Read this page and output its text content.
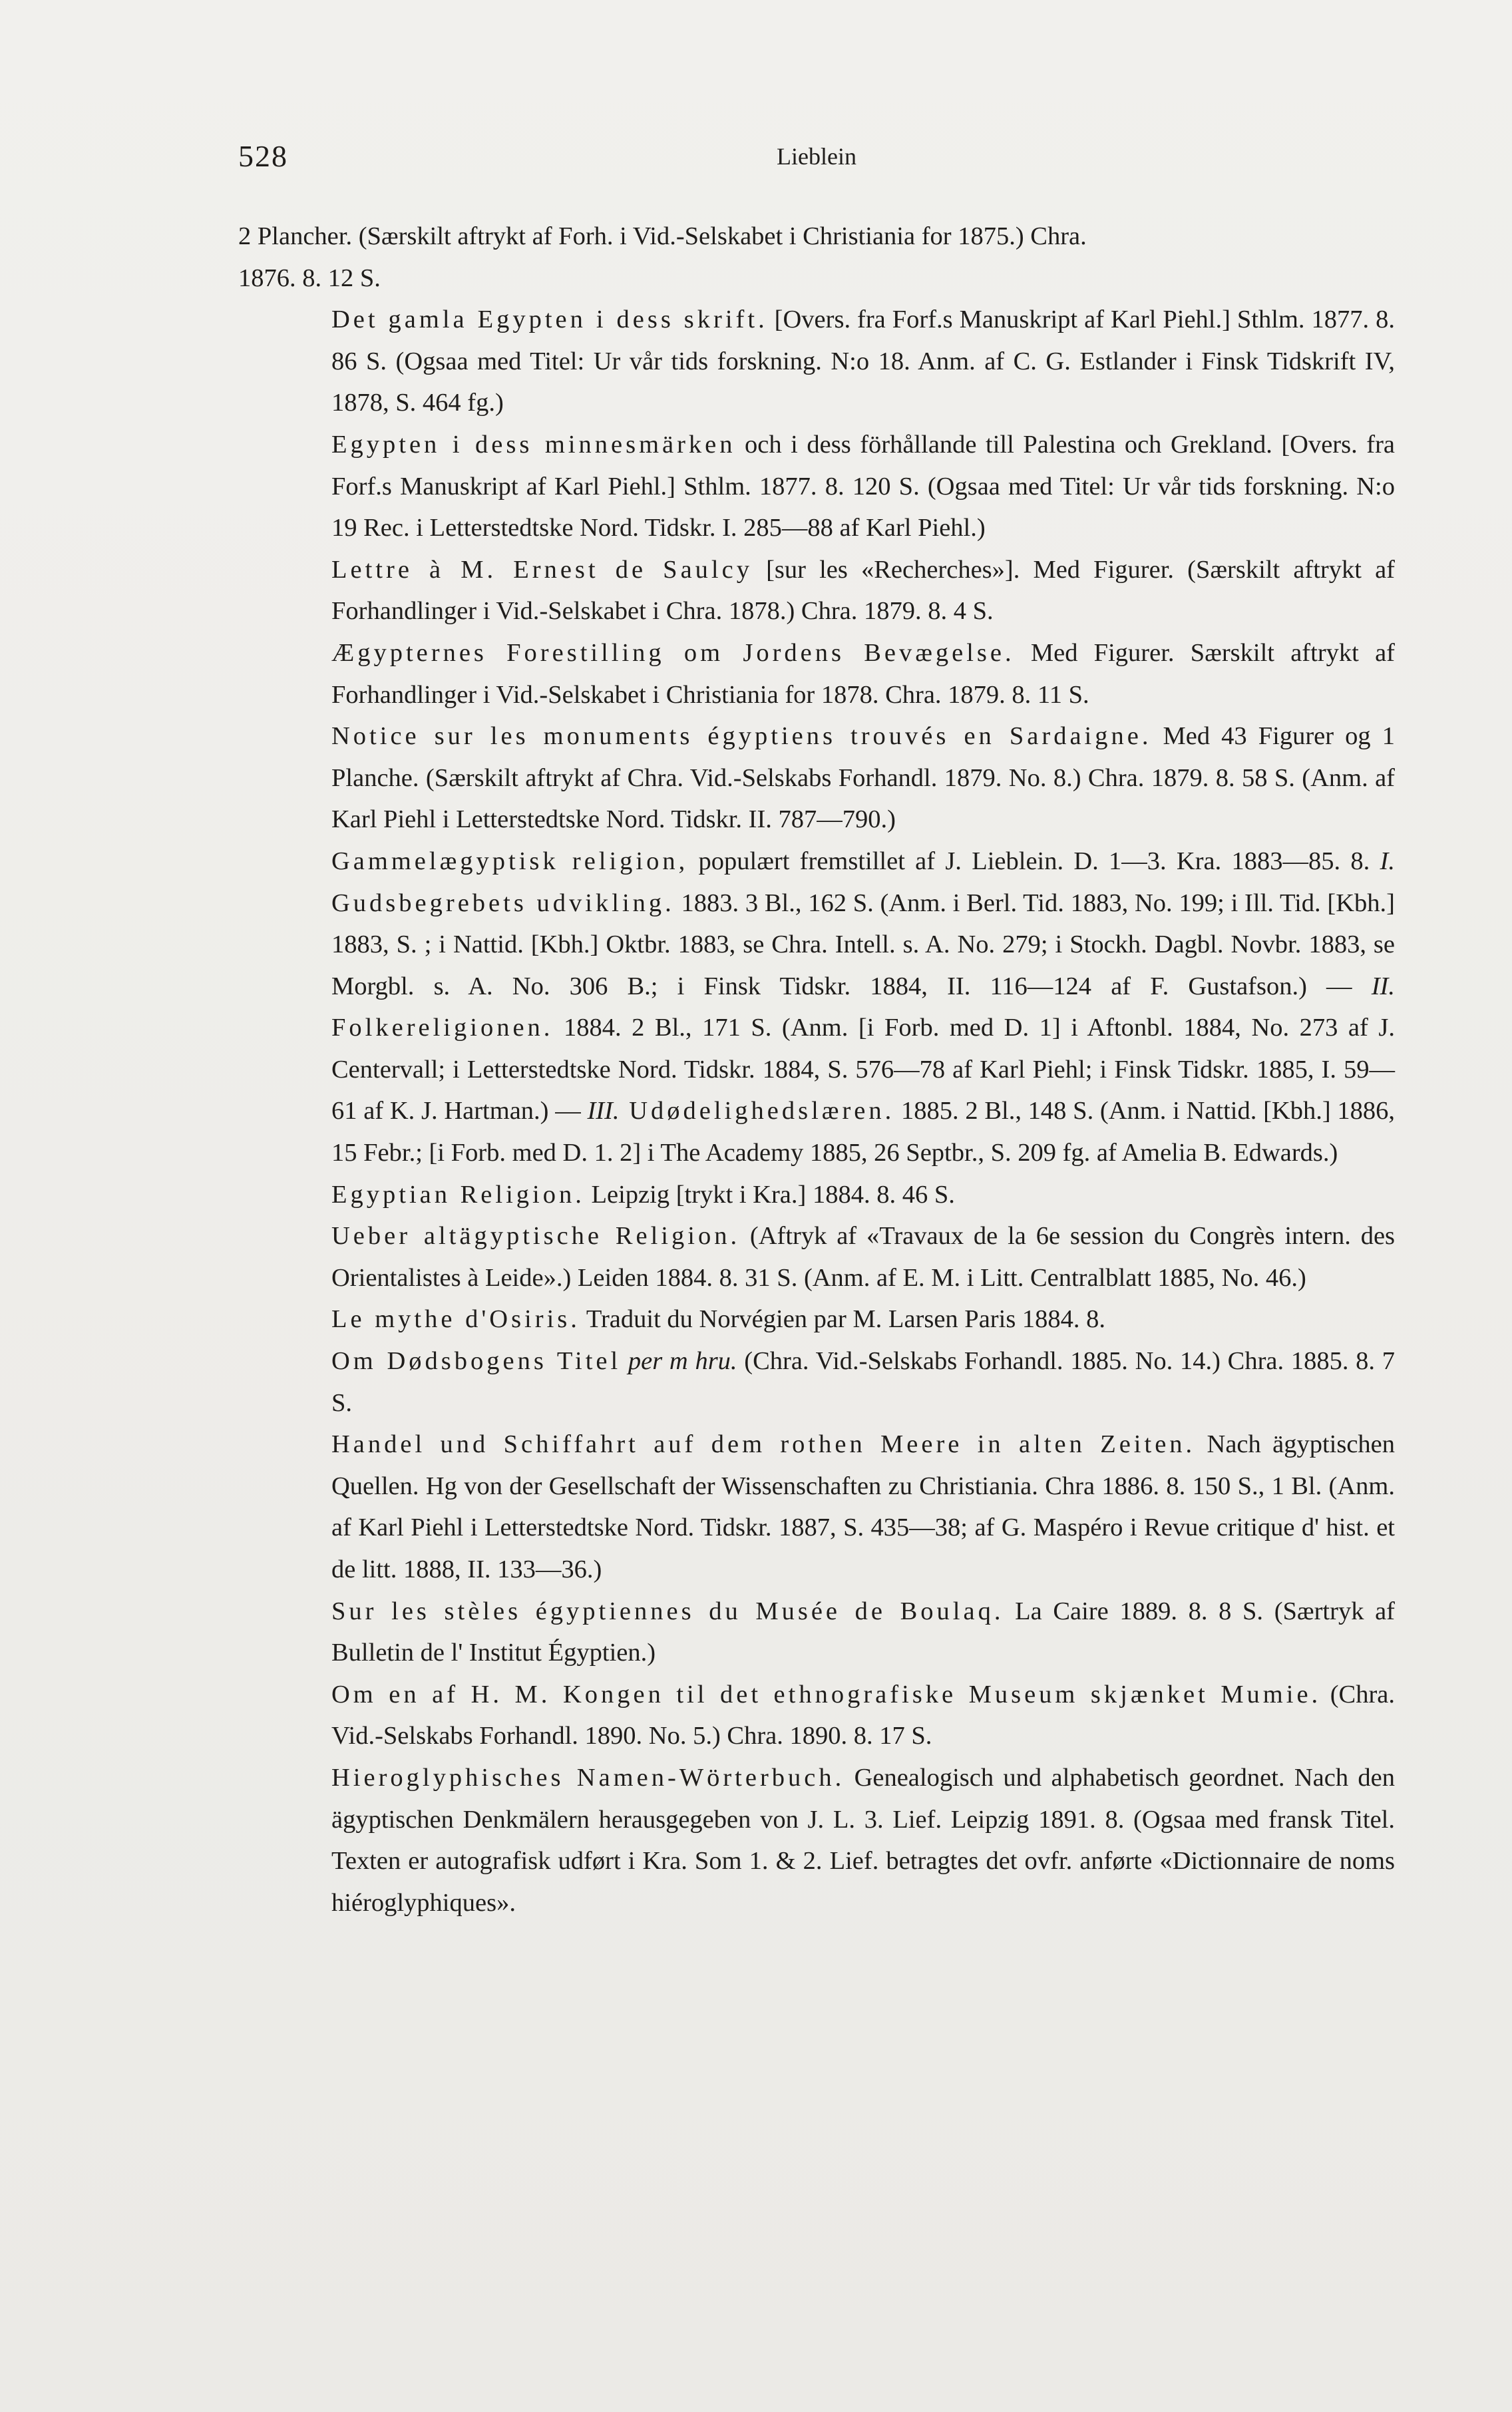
528	Lieblein

2 Plancher. (Særskilt aftrykt af Forh. i Vid.-Selskabet i Christiania for 1875.) Chra.
1876. 8. 12 S.

Det gamla Egypten i dess skrift. [Overs. fra Forf.s Manuskript af Karl Piehl.] Sthlm. 1877. 8. 86 S. (Ogsaa med Titel: Ur vår tids forskning. N:o 18. Anm. af C. G. Estlander i Finsk Tidskrift IV, 1878, S. 464 fg.)

Egypten i dess minnesmärken och i dess förhållande till Palestina och Grekland. [Overs. fra Forf.s Manuskript af Karl Piehl.] Sthlm. 1877. 8. 120 S. (Ogsaa med Titel: Ur vår tids forskning. N:o 19 Rec. i Letterstedtske Nord. Tidskr. I. 285—88 af Karl Piehl.)

Lettre à M. Ernest de Saulcy [sur les «Recherches»]. Med Figurer. (Særskilt aftrykt af Forhandlinger i Vid.-Selskabet i Chra. 1878.) Chra. 1879. 8. 4 S.

Ægypternes Forestilling om Jordens Bevægelse. Med Figurer. Særskilt aftrykt af Forhandlinger i Vid.-Selskabet i Christiania for 1878. Chra. 1879. 8. 11 S.

Notice sur les monuments égyptiens trouvés en Sardaigne. Med 43 Figurer og 1 Planche. (Særskilt aftrykt af Chra. Vid.-Selskabs Forhandl. 1879. No. 8.) Chra. 1879. 8. 58 S. (Anm. af Karl Piehl i Letterstedtske Nord. Tidskr. II. 787—790.)

Gammelægyptisk religion, populært fremstillet af J. Lieblein. D. 1—3. Kra. 1883—85. 8. I. Gudsbegrebets udvikling. 1883. 3 Bl., 162 S. (Anm. i Berl. Tid. 1883, No. 199; i Ill. Tid. [Kbh.] 1883, S. ; i Nattid. [Kbh.] Oktbr. 1883, se Chra. Intell. s. A. No. 279; i Stockh. Dagbl. Novbr. 1883, se Morgbl. s. A. No. 306 B.; i Finsk Tidskr. 1884, II. 116—124 af F. Gustafson.) — II. Folkereligionen. 1884. 2 Bl., 171 S. (Anm. [i Forb. med D. 1] i Aftonbl. 1884, No. 273 af J. Centervall; i Letterstedtske Nord. Tidskr. 1884, S. 576—78 af Karl Piehl; i Finsk Tidskr. 1885, I. 59—61 af K. J. Hartman.) — III. Udødelighedslæren. 1885. 2 Bl., 148 S. (Anm. i Nattid. [Kbh.] 1886, 15 Febr.; [i Forb. med D. 1. 2] i The Academy 1885, 26 Septbr., S. 209 fg. af Amelia B. Edwards.)

Egyptian Religion. Leipzig [trykt i Kra.] 1884. 8. 46 S.

Ueber altägyptische Religion. (Aftryk af «Travaux de la 6e session du Congrès intern. des Orientalistes à Leide».) Leiden 1884. 8. 31 S. (Anm. af E. M. i Litt. Centralblatt 1885, No. 46.)

Le mythe d'Osiris. Traduit du Norvégien par M. Larsen Paris 1884. 8.

Om Dødsbogens Titel per m hru. (Chra. Vid.-Selskabs Forhandl. 1885. No. 14.) Chra. 1885. 8. 7 S.

Handel und Schiffahrt auf dem rothen Meere in alten Zeiten. Nach ägyptischen Quellen. Hg von der Gesellschaft der Wissenschaften zu Christiania. Chra 1886. 8. 150 S., 1 Bl. (Anm. af Karl Piehl i Letterstedtske Nord. Tidskr. 1887, S. 435—38; af G. Maspéro i Revue critique d' hist. et de litt. 1888, II. 133—36.)

Sur les stèles égyptiennes du Musée de Boulaq. La Caire 1889. 8. 8 S. (Særtryk af Bulletin de l' Institut Égyptien.)

Om en af H. M. Kongen til det ethnografiske Museum skjænket Mumie. (Chra. Vid.-Selskabs Forhandl. 1890. No. 5.) Chra. 1890. 8. 17 S.

Hieroglyphisches Namen-Wörterbuch. Genealogisch und alphabetisch geordnet. Nach den ägyptischen Denkmälern herausgegeben von J. L. 3. Lief. Leipzig 1891. 8. (Ogsaa med fransk Titel. Texten er autografisk udført i Kra. Som 1. & 2. Lief. betragtes det ovfr. anførte «Dictionnaire de noms hiéroglyphiques».
